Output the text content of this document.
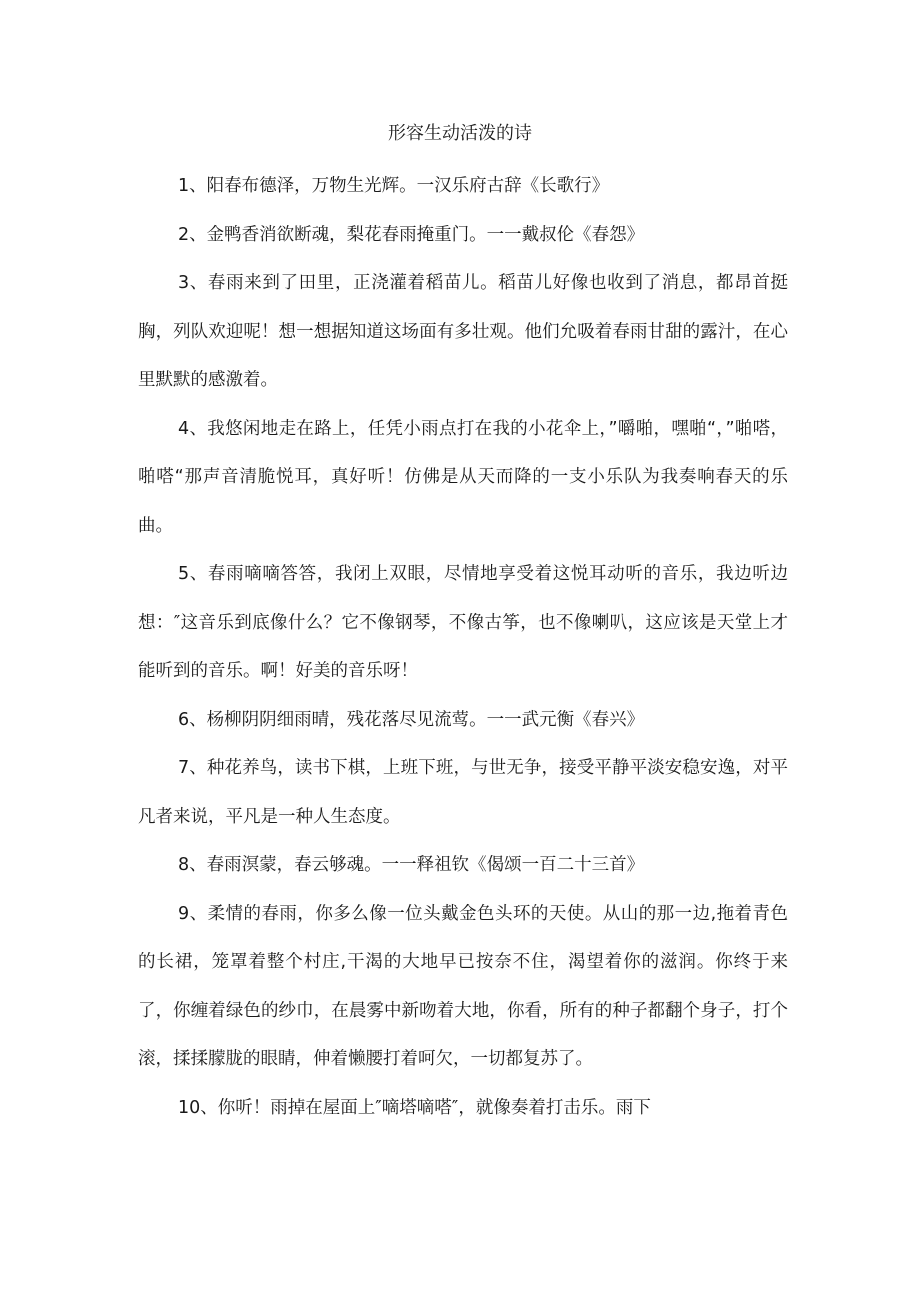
形容生动活泼的诗

1、阳春布德泽，万物生光辉。一汉乐府古辞《长歌行》

2、金鸭香消欲断魂，梨花春雨掩重门。一一戴叔伦《春怨》

3、春雨来到了田里，正浇灌着稻苗儿。稻苗儿好像也收到了消息，都昂首挺胸，列队欢迎呢！想一想据知道这场面有多壮观。他们允吸着春雨甘甜的露汁，在心里默默的感激着。

4、我悠闲地走在路上，任凭小雨点打在我的小花伞上，”嚼啪，嘿啪“，”啪嗒，啪嗒“那声音清脆悦耳，真好听！仿佛是从天而降的一支小乐队为我奏响春天的乐曲。

5、春雨嘀嘀答答，我闭上双眼，尽情地享受着这悦耳动听的音乐，我边听边想：″这音乐到底像什么？它不像钢琴，不像古筝，也不像喇叭，这应该是天堂上才能听到的音乐。啊！好美的音乐呀！

6、杨柳阴阴细雨晴，残花落尽见流莺。一一武元衡《春兴》

7、种花养鸟，读书下棋，上班下班，与世无争，接受平静平淡安稳安逸，对平凡者来说，平凡是一种人生态度。

8、春雨溟蒙，春云够魂。一一释祖钦《偈颂一百二十三首》

9、柔情的春雨，你多么像一位头戴金色头环的天使。从山的那一边,拖着青色的长裙，笼罩着整个村庄,干渴的大地早已按奈不住，渴望着你的滋润。你终于来了，你缠着绿色的纱巾，在晨雾中新吻着大地，你看，所有的种子都翻个身子，打个滚，揉揉朦胧的眼睛，伸着懒腰打着呵欠，一切都复苏了。

10、你听！雨掉在屋面上″嘀塔嘀嗒″，就像奏着打击乐。雨下
